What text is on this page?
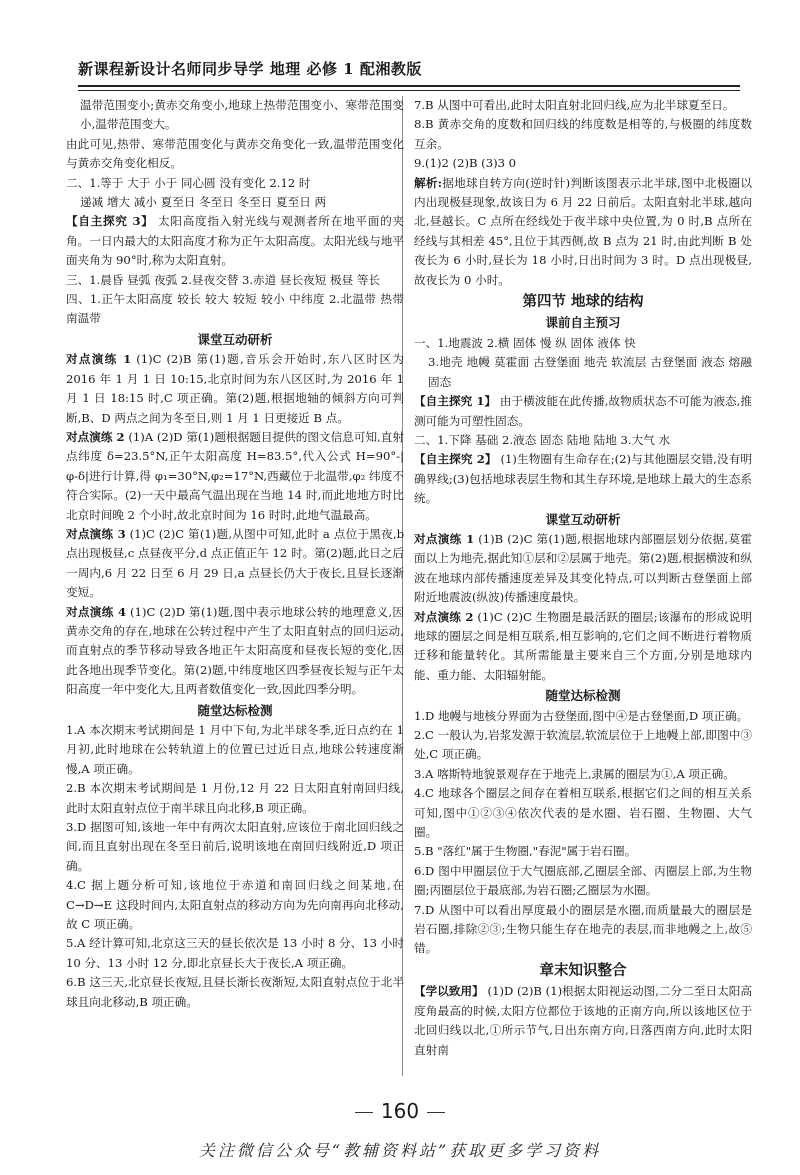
新课程新设计名师同步导学 地理 必修 1 配湘教版

温带范围变小;黄赤交角变小,地球上热带范围变小、寒带范围变小,温带范围变大。

由此可见,热带、寒带范围变化与黄赤交角变化一致,温带范围变化与黄赤交角变化相反。

二、1.等于 大于 小于 同心圆 没有变化 2.12 时

递减 增大 减小 夏至日 冬至日 冬至日 夏至日 两

【自主探究 3】 太阳高度指入射光线与观测者所在地平面的夹角。一日内最大的太阳高度才称为正午太阳高度。太阳光线与地平面夹角为 90°时,称为太阳直射。

三、1.晨昏 昼弧 夜弧 2.昼夜交替 3.赤道 昼长夜短 极昼 等长

四、1.正午太阳高度 较长 较大 较短 较小 中纬度 2.北温带 热带 南温带

课堂互动研析

对点演练 1 (1)C (2)B 第(1)题,音乐会开始时,东八区时区为 2016 年 1 月 1 日 10:15,北京时间为东八区区时,为 2016 年 1 月 1 日 18:15 时,C 项正确。第(2)题,根据地轴的倾斜方向可判断,B、D 两点之间为冬至日,则 1 月 1 日更接近 B 点。

对点演练 2 (1)A (2)D 第(1)题根据题目提供的图文信息可知,直射点纬度 δ=23.5°N,正午太阳高度 H=83.5°,代入公式 H=90°-|φ-δ|进行计算,得 φ₁=30°N,φ₂=17°N,西藏位于北温带,φ₂ 纬度不符合实际。(2)一天中最高气温出现在当地 14 时,而此地地方时比北京时间晚 2 个小时,故北京时间为 16 时时,此地气温最高。

对点演练 3 (1)C (2)C 第(1)题,从图中可知,此时 a 点位于黑夜,b 点出现极昼,c 点昼夜平分,d 点正值正午 12 时。第(2)题,此日之后一周内,6 月 22 日至 6 月 29 日,a 点昼长仍大于夜长,且昼长逐渐变短。

对点演练 4 (1)C (2)D 第(1)题,图中表示地球公转的地理意义,因黄赤交角的存在,地球在公转过程中产生了太阳直射点的回归运动,而直射点的季节移动导致各地正午太阳高度和昼夜长短的变化,因此各地出现季节变化。第(2)题,中纬度地区四季昼夜长短与正午太阳高度一年中变化大,且两者数值变化一致,因此四季分明。

随堂达标检测

1.A 本次期末考试期间是 1 月中下旬,为北半球冬季,近日点约在 1 月初,此时地球在公转轨道上的位置已过近日点,地球公转速度渐慢,A 项正确。

2.B 本次期末考试期间是 1 月份,12 月 22 日太阳直射南回归线,此时太阳直射点位于南半球且向北移,B 项正确。

3.D 据图可知,该地一年中有两次太阳直射,应该位于南北回归线之间,而且直射出现在冬至日前后,说明该地在南回归线附近,D 项正确。

4.C 据上题分析可知,该地位于赤道和南回归线之间某地,在 C→D→E 这段时间内,太阳直射点的移动方向为先向南再向北移动,故 C 项正确。

5.A 经计算可知,北京这三天的昼长依次是 13 小时 8 分、13 小时 10 分、13 小时 12 分,即北京昼长大于夜长,A 项正确。

6.B 这三天,北京昼长夜短,且昼长渐长夜渐短,太阳直射点位于北半球且向北移动,B 项正确。

7.B 从图中可看出,此时太阳直射北回归线,应为北半球夏至日。

8.B 黄赤交角的度数和回归线的纬度数是相等的,与极圈的纬度数互余。

9.(1)2 (2)B (3)3 0

解析:据地球自转方向(逆时针)判断该图表示北半球,图中北极圈以内出现极昼现象,故该日为 6 月 22 日前后。太阳直射北半球,越向北,昼越长。C 点所在经线处于夜半球中央位置,为 0 时,B 点所在经线与其相差 45°,且位于其西侧,故 B 点为 21 时,由此判断 B 处夜长为 6 小时,昼长为 18 小时,日出时间为 3 时。D 点出现极昼,故夜长为 0 小时。

第四节 地球的结构

课前自主预习

一、1.地震波 2.横 固体 慢 纵 固体 液体 快

3.地壳 地幔 莫霍面 古登堡面 地壳 软流层 古登堡面 液态 熔融 固态

【自主探究 1】 由于横波能在此传播,故物质状态不可能为液态,推测可能为可塑性固态。

二、1.下降 基础 2.液态 固态 陆地 陆地 3.大气 水

【自主探究 2】 (1)生物圈有生命存在;(2)与其他圈层交错,没有明确界线;(3)包括地球表层生物和其生存环境,是地球上最大的生态系统。

课堂互动研析

对点演练 1 (1)B (2)C 第(1)题,根据地球内部圈层划分依据,莫霍面以上为地壳,据此知①层和②层属于地壳。第(2)题,根据横波和纵波在地球内部传播速度差异及其变化特点,可以判断古登堡面上部附近地震波(纵波)传播速度最快。

对点演练 2 (1)C (2)C 生物圈是最活跃的圈层;该瀑布的形成说明地球的圈层之间是相互联系,相互影响的,它们之间不断进行着物质迁移和能量转化。其所需能量主要来自三个方面,分别是地球内能、重力能、太阳辐射能。

随堂达标检测

1.D 地幔与地核分界面为古登堡面,图中④是古登堡面,D 项正确。

2.C 一般认为,岩浆发源于软流层,软流层位于上地幔上部,即图中③处,C 项正确。

3.A 喀斯特地貌景观存在于地壳上,隶属的圈层为①,A 项正确。

4.C 地球各个圈层之间存在着相互联系,根据它们之间的相互关系可知,图中①②③④依次代表的是水圈、岩石圈、生物圈、大气圈。

5.B "落红"属于生物圈,"春泥"属于岩石圈。

6.D 图中甲圈层位于大气圈底部,乙圈层全部、丙圈层上部,为生物圈;丙圈层位于最底部,为岩石圈;乙圈层为水圈。

7.D 从图中可以看出厚度最小的圈层是水圈,而质量最大的圈层是岩石圈,排除②③;生物只能生存在地壳的表层,而非地幔之上,故⑤错。

章末知识整合

【学以致用】 (1)D (2)B (1)根据太阳视运动图,二分二至日太阳高度角最高的时候,太阳方位都位于该地的正南方向,所以该地区位于北回归线以北,①所示节气,日出东南方向,日落西南方向,此时太阳直射南

160
关注微信公众号“教辅资料站”获取更多学习资料
